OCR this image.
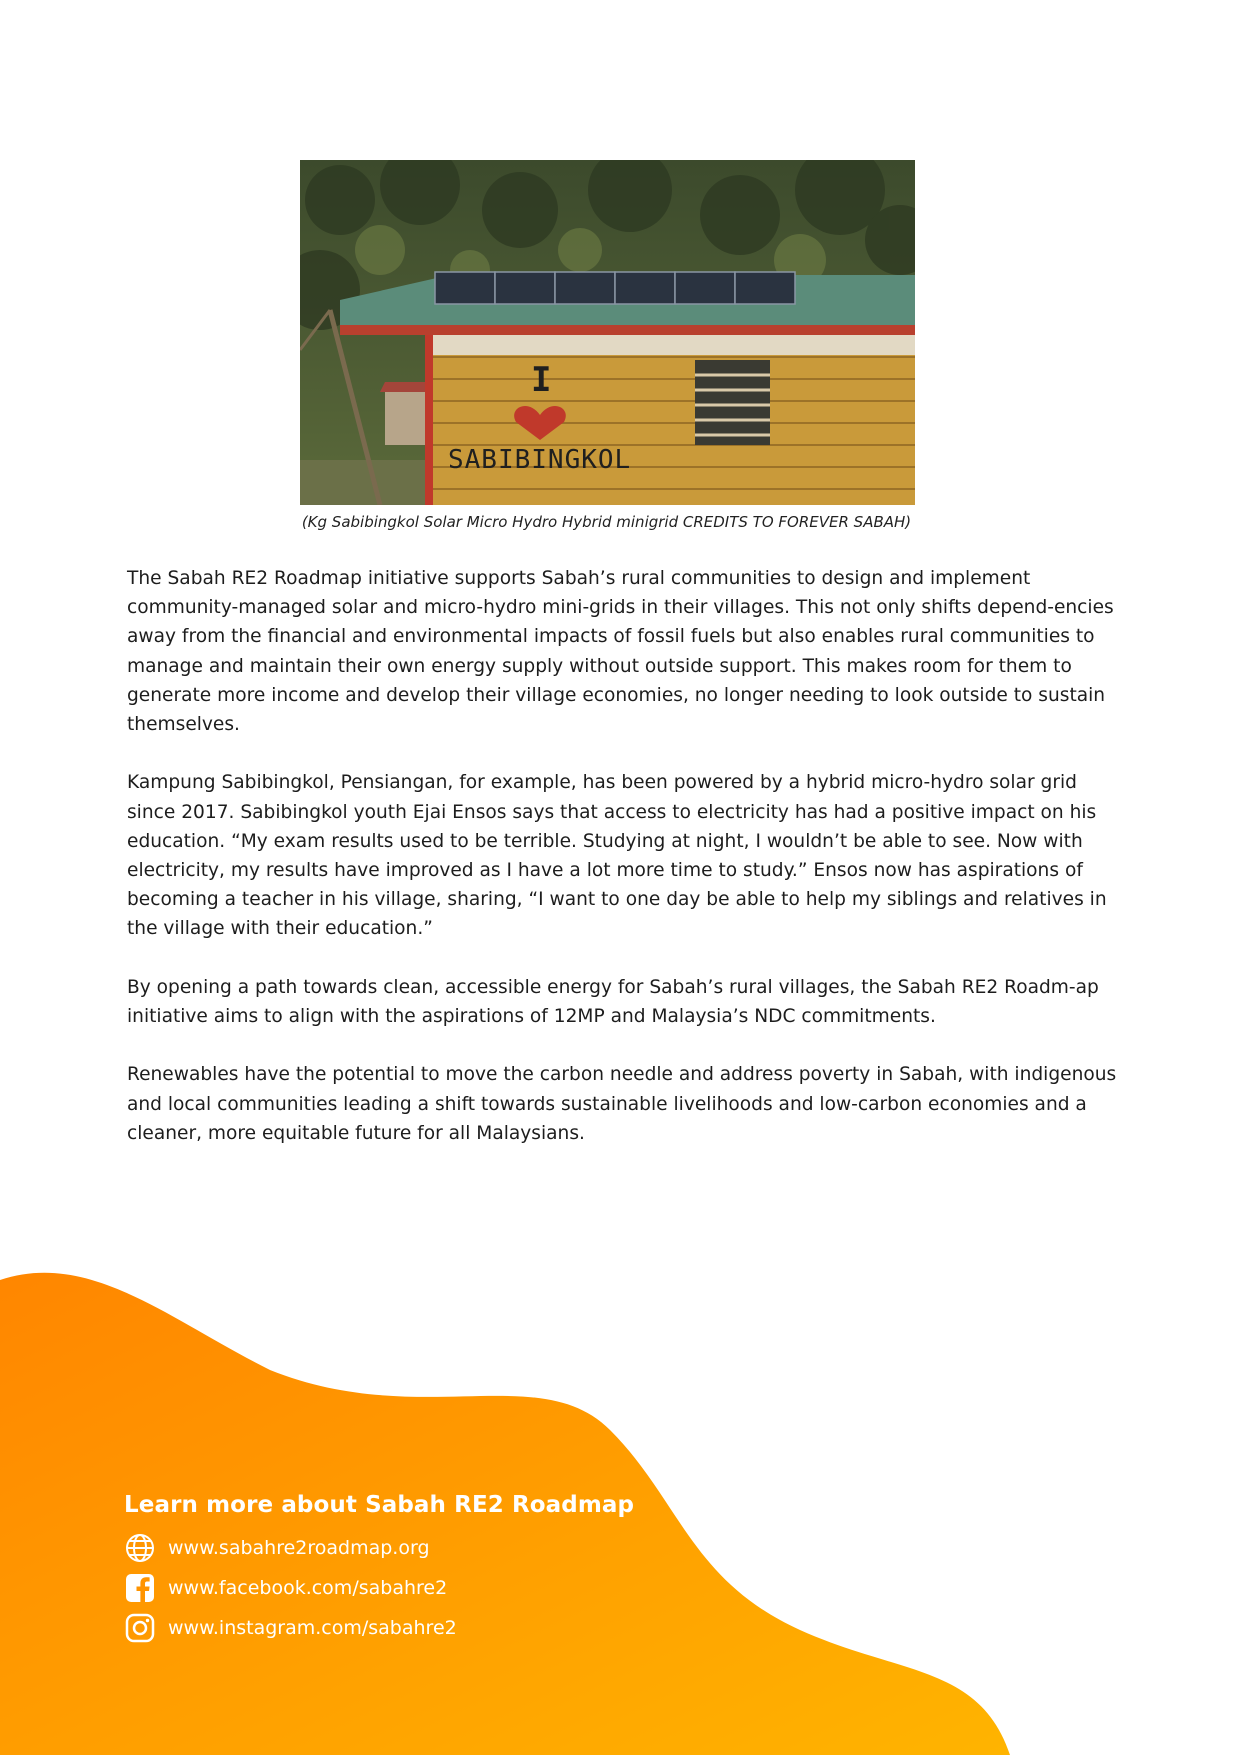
I
SABIBINGKOL
(Kg Sabibingkol Solar Micro Hydro Hybrid minigrid CREDITS TO FOREVER SABAH)

The Sabah RE2 Roadmap initiative supports Sabah’s rural communities to design and implement community-managed solar and micro-hydro mini-grids in their villages. This not only shifts depend-encies away from the financial and environmental impacts of fossil fuels but also enables rural communities to manage and maintain their own energy supply without outside support. This makes room for them to generate more income and develop their village economies, no longer needing to look outside to sustain themselves.

Kampung Sabibingkol, Pensiangan, for example, has been powered by a hybrid micro-hydro solar grid since 2017. Sabibingkol youth Ejai Ensos says that access to electricity has had a positive impact on his education. “My exam results used to be terrible. Studying at night, I wouldn’t be able to see. Now with electricity, my results have improved as I have a lot more time to study.” Ensos now has aspirations of becoming a teacher in his village, sharing, “I want to one day be able to help my siblings and relatives in the village with their education.”

By opening a path towards clean, accessible energy for Sabah’s rural villages, the Sabah RE2 Roadm-ap initiative aims to align with the aspirations of 12MP and Malaysia’s NDC commitments.

Renewables have the potential to move the carbon needle and address poverty in Sabah, with indigenous and local communities leading a shift towards sustainable livelihoods and low-carbon economies and a cleaner, more equitable future for all Malaysians.

Learn more about Sabah RE2 Roadmap
www.sabahre2roadmap.org
www.facebook.com/sabahre2
www.instagram.com/sabahre2
